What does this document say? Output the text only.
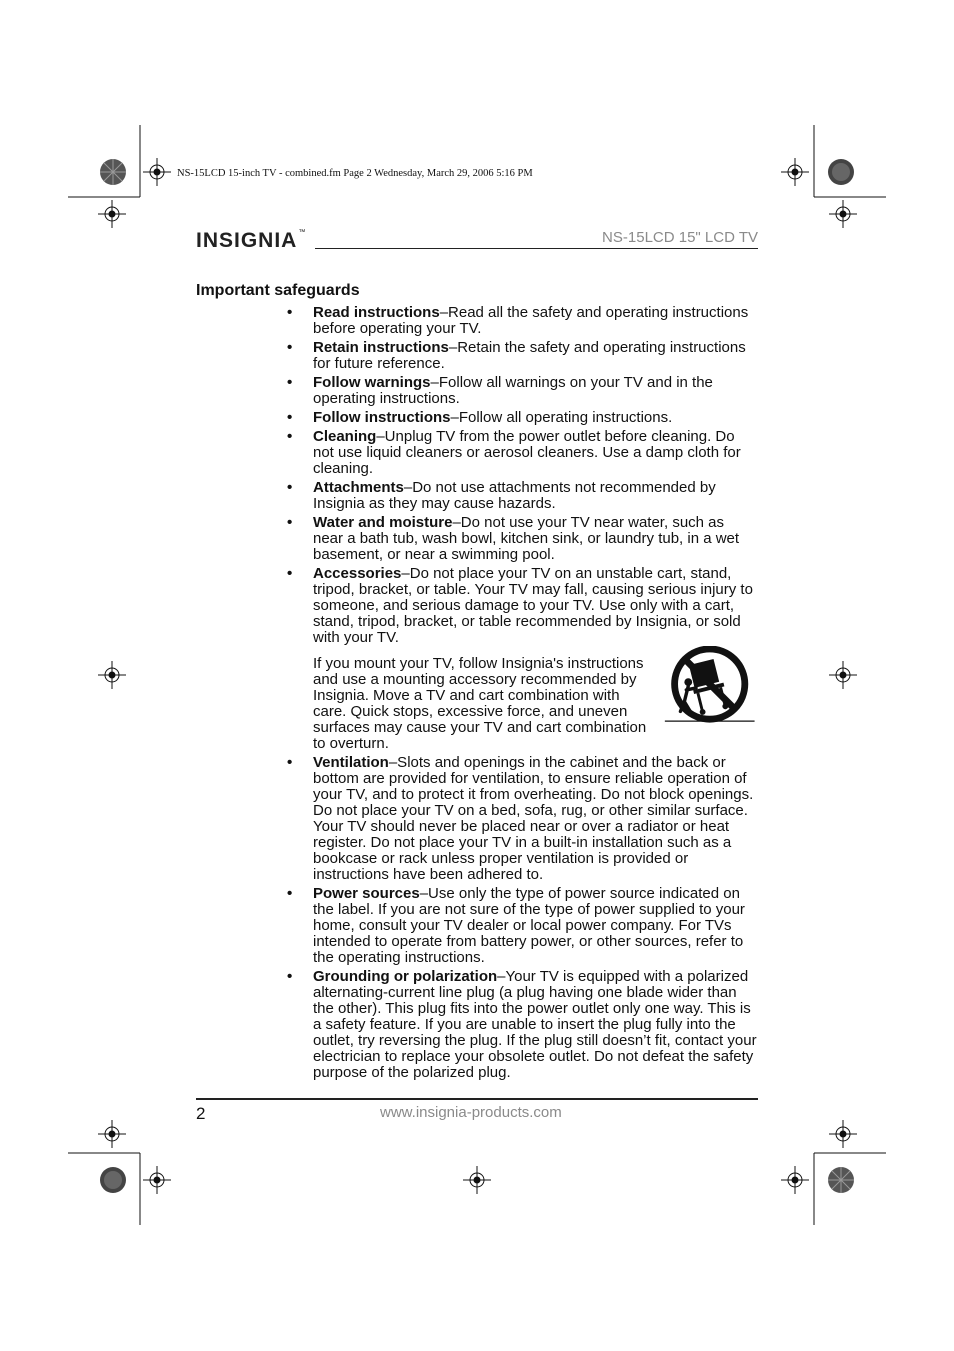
NS-15LCD 15-inch TV - combined.fm Page 2 Wednesday, March 29, 2006 5:16 PM
INSIGNIA™	NS-15LCD 15" LCD TV
Important safeguards
•	Read instructions–Read all the safety and operating instructions before operating your TV.
•	Retain instructions–Retain the safety and operating instructions for future reference.
•	Follow warnings–Follow all warnings on your TV and in the operating instructions.
•	Follow instructions–Follow all operating instructions.
•	Cleaning–Unplug TV from the power outlet before cleaning. Do not use liquid cleaners or aerosol cleaners. Use a damp cloth for cleaning.
•	Attachments–Do not use attachments not recommended by Insignia as they may cause hazards.
•	Water and moisture–Do not use your TV near water, such as near a bath tub, wash bowl, kitchen sink, or laundry tub, in a wet basement, or near a swimming pool.
•	Accessories–Do not place your TV on an unstable cart, stand, tripod, bracket, or table. Your TV may fall, causing serious injury to someone, and serious damage to your TV. Use only with a cart, stand, tripod, bracket, or table recommended by Insignia, or sold with your TV.
If you mount your TV, follow Insignia's instructions and use a mounting accessory recommended by Insignia. Move a TV and cart combination with care. Quick stops, excessive force, and uneven surfaces may cause your TV and cart combination to overturn.
•	Ventilation–Slots and openings in the cabinet and the back or bottom are provided for ventilation, to ensure reliable operation of your TV, and to protect it from overheating. Do not block openings. Do not place your TV on a bed, sofa, rug, or other similar surface. Your TV should never be placed near or over a radiator or heat register. Do not place your TV in a built-in installation such as a bookcase or rack unless proper ventilation is provided or instructions have been adhered to.
•	Power sources–Use only the type of power source indicated on the label. If you are not sure of the type of power supplied to your home, consult your TV dealer or local power company. For TVs intended to operate from battery power, or other sources, refer to the operating instructions.
•	Grounding or polarization–Your TV is equipped with a polarized alternating-current line plug (a plug having one blade wider than the other). This plug fits into the power outlet only one way. This is a safety feature. If you are unable to insert the plug fully into the outlet, try reversing the plug. If the plug still doesn’t fit, contact your electrician to replace your obsolete outlet. Do not defeat the safety purpose of the polarized plug.
2	www.insignia-products.com
